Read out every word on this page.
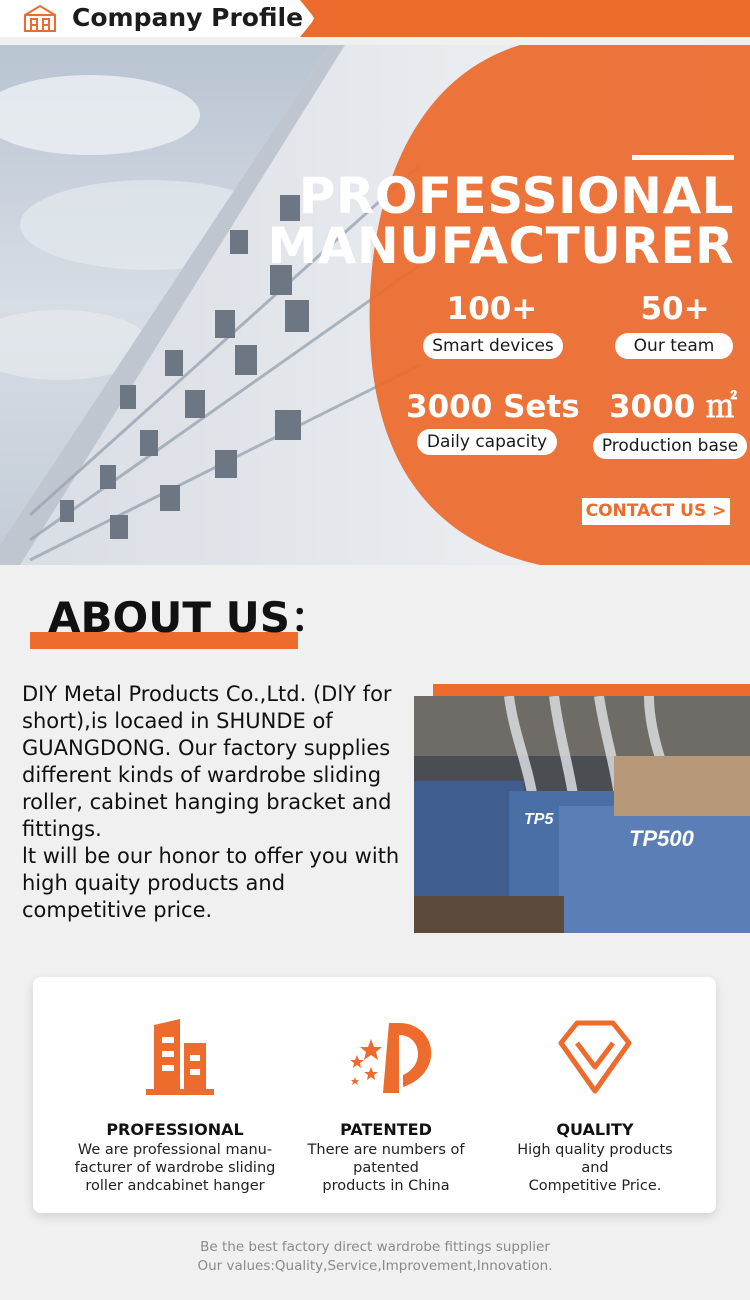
Company Profile
PROFESSIONAL
MANUFACTURER
100+
Smart devices
50+
Our team
3000 Sets
Daily capacity
3000 ㎡
Production base
CONTACT US >
ABOUT US：

DIY Metal Products Co.,Ltd. (DlY for short),is locaed in SHUNDE of GUANGDONG. Our factory supplies different kinds of wardrobe sliding roller, cabinet hanging bracket and fittings.

lt will be our honor to offer you with high quaity products and competitive price.

TP500
TP5
PROFESSIONAL
We are professional manu-
facturer of wardrobe sliding
roller andcabinet hanger
PATENTED
There are numbers of
patented
products in China
QUALITY
High quality products
and
Competitive Price.
Be the best factory direct wardrobe fittings supplier
Our values:Quality,Service,Improvement,Innovation.
